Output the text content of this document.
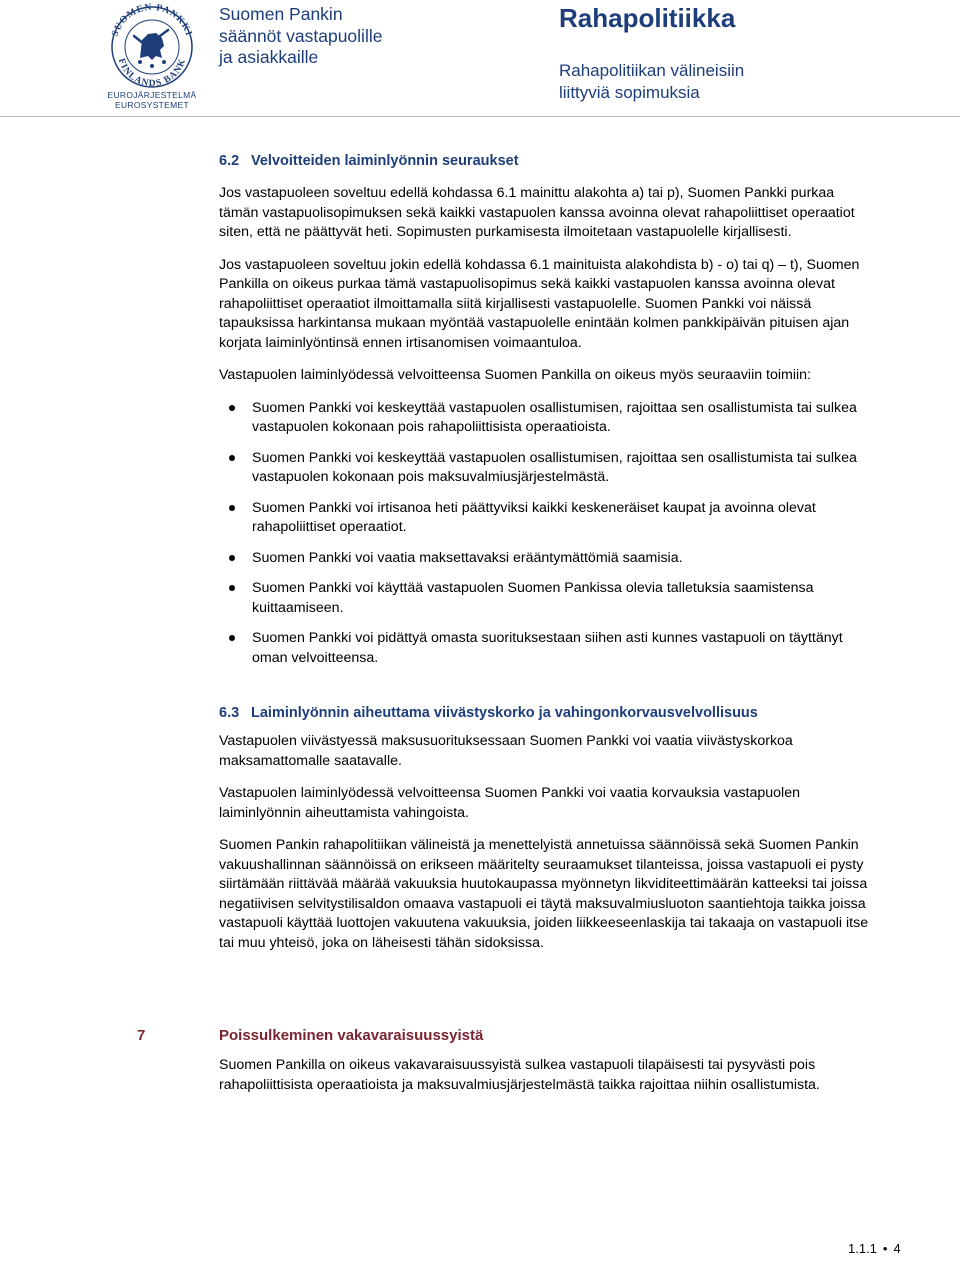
SUOMEN PANKKI
FINLANDS BANK
EUROJÄRJESTELMÄ
EUROSYSTEMET
Suomen Pankin
säännöt vastapuolille
ja asiakkaille
Rahapolitiikka
Rahapolitiikan välineisiin
liittyviä sopimuksia
6.2 Velvoitteiden laiminlyönnin seuraukset

Jos vastapuoleen soveltuu edellä kohdassa 6.1 mainittu alakohta a) tai p), Suomen Pankki purkaa tämän vastapuolisopimuksen sekä kaikki vastapuolen kanssa avoinna olevat rahapoliittiset operaatiot siten, että ne päättyvät heti. Sopimusten purkamisesta ilmoitetaan vastapuolelle kirjallisesti.

Jos vastapuoleen soveltuu jokin edellä kohdassa 6.1 mainituista alakohdista b) - o) tai q) – t), Suomen Pankilla on oikeus purkaa tämä vastapuolisopimus sekä kaikki vastapuolen kanssa avoinna olevat rahapoliittiset operaatiot ilmoittamalla siitä kirjallisesti vastapuolelle. Suomen Pankki voi näissä tapauksissa harkintansa mukaan myöntää vastapuolelle enintään kolmen pankkipäivän pituisen ajan korjata laiminlyöntinsä ennen irtisanomisen voimaantuloa.

Vastapuolen laiminlyödessä velvoitteensa Suomen Pankilla on oikeus myös seuraaviin toimiin:

Suomen Pankki voi keskeyttää vastapuolen osallistumisen, rajoittaa sen osallistumista tai sulkea vastapuolen kokonaan pois rahapoliittisista operaatioista.
Suomen Pankki voi keskeyttää vastapuolen osallistumisen, rajoittaa sen osallistumista tai sulkea vastapuolen kokonaan pois maksuvalmiusjärjestelmästä.
Suomen Pankki voi irtisanoa heti päättyviksi kaikki keskeneräiset kaupat ja avoinna olevat rahapoliittiset operaatiot.
Suomen Pankki voi vaatia maksettavaksi erääntymättömiä saamisia.
Suomen Pankki voi käyttää vastapuolen Suomen Pankissa olevia talletuksia saamistensa kuittaamiseen.
Suomen Pankki voi pidättyä omasta suorituksestaan siihen asti kunnes vastapuoli on täyttänyt oman velvoitteensa.
6.3 Laiminlyönnin aiheuttama viivästyskorko ja vahingonkorvausvelvollisuus

Vastapuolen viivästyessä maksusuorituksessaan Suomen Pankki voi vaatia viivästyskorkoa maksamattomalle saatavalle.

Vastapuolen laiminlyödessä velvoitteensa Suomen Pankki voi vaatia korvauksia vastapuolen laiminlyönnin aiheuttamista vahingoista.

Suomen Pankin rahapolitiikan välineistä ja menettelyistä annetuissa säännöissä sekä Suomen Pankin vakuushallinnan säännöissä on erikseen määritelty seuraamukset tilanteissa, joissa vastapuoli ei pysty siirtämään riittävää määrää vakuuksia huutokaupassa myönnetyn likviditeettimäärän katteeksi tai joissa negatiivisen selvitystilisaldon omaava vastapuoli ei täytä maksuvalmiusluoton saantiehtoja taikka joissa vastapuoli käyttää luottojen vakuutena vakuuksia, joiden liikkeeseenlaskija tai takaaja on vastapuoli itse tai muu yhteisö, joka on läheisesti tähän sidoksissa.

7	Poissulkeminen vakavaraisuussyistä

Suomen Pankilla on oikeus vakavaraisuussyistä sulkea vastapuoli tilapäisesti tai pysyvästi pois rahapoliittisista operaatioista ja maksuvalmiusjärjestelmästä taikka rajoittaa niihin osallistumista.

1.1.1 • 4
